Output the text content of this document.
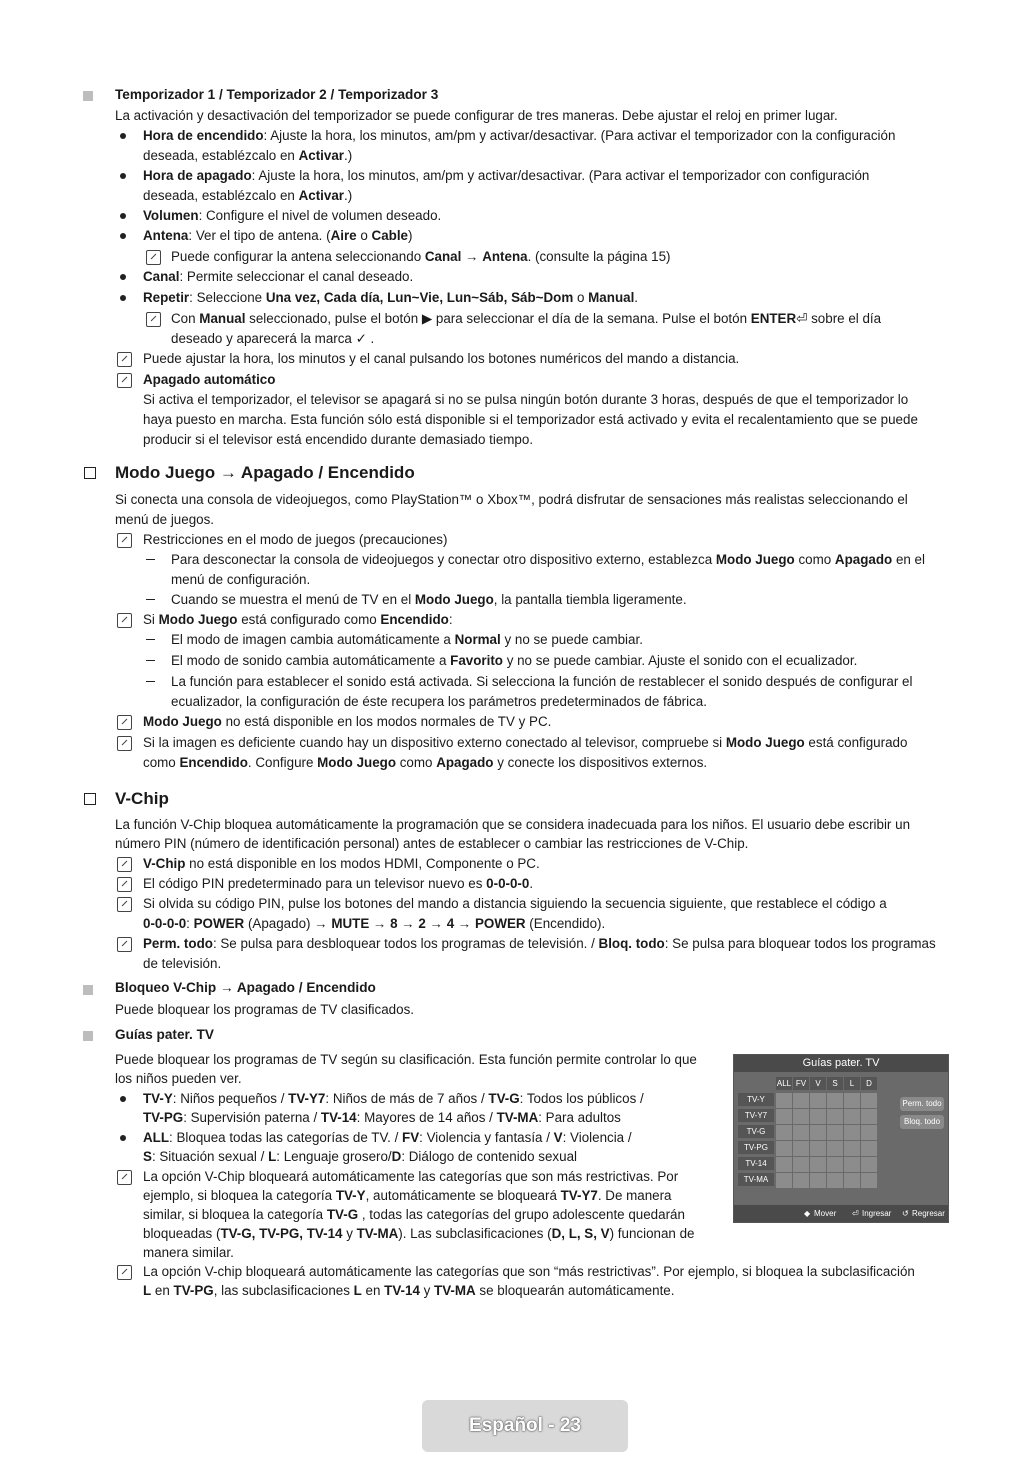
Temporizador 1 / Temporizador 2 / Temporizador 3
La activación y desactivación del temporizador se puede configurar de tres maneras. Debe ajustar el reloj en primer lugar.
Hora de encendido: Ajuste la hora, los minutos, am/pm y activar/desactivar. (Para activar el temporizador con la configuración
deseada, establézcalo en Activar.)
Hora de apagado: Ajuste la hora, los minutos, am/pm y activar/desactivar. (Para activar el temporizador con configuración
deseada, establézcalo en Activar.)
Volumen: Configure el nivel de volumen deseado.
Antena: Ver el tipo de antena. (Aire o Cable)
Puede configurar la antena seleccionando Canal → Antena. (consulte la página 15)
Canal: Permite seleccionar el canal deseado.
Repetir: Seleccione Una vez, Cada día, Lun~Vie, Lun~Sáb, Sáb~Dom o Manual.
Con Manual seleccionado, pulse el botón ▶ para seleccionar el día de la semana. Pulse el botón ENTER⏎ sobre el día
deseado y aparecerá la marca ✓ .
Puede ajustar la hora, los minutos y el canal pulsando los botones numéricos del mando a distancia.
Apagado automático
Si activa el temporizador, el televisor se apagará si no se pulsa ningún botón durante 3 horas, después de que el temporizador lo
haya puesto en marcha. Esta función sólo está disponible si el temporizador está activado y evita el recalentamiento que se puede
producir si el televisor está encendido durante demasiado tiempo.
Modo Juego → Apagado / Encendido
Si conecta una consola de videojuegos, como PlayStation™ o Xbox™, podrá disfrutar de sensaciones más realistas seleccionando el
menú de juegos.
Restricciones en el modo de juegos (precauciones)
Para desconectar la consola de videojuegos y conectar otro dispositivo externo, establezca Modo Juego como Apagado en el
menú de configuración.
Cuando se muestra el menú de TV en el Modo Juego, la pantalla tiembla ligeramente.
Si Modo Juego está configurado como Encendido:
El modo de imagen cambia automáticamente a Normal y no se puede cambiar.
El modo de sonido cambia automáticamente a Favorito y no se puede cambiar. Ajuste el sonido con el ecualizador.
La función para establecer el sonido está activada. Si selecciona la función de restablecer el sonido después de configurar el
ecualizador, la configuración de éste recupera los parámetros predeterminados de fábrica.
Modo Juego no está disponible en los modos normales de TV y PC.
Si la imagen es deficiente cuando hay un dispositivo externo conectado al televisor, compruebe si Modo Juego está configurado
como Encendido. Configure Modo Juego como Apagado y conecte los dispositivos externos.
V-Chip
La función V-Chip bloquea automáticamente la programación que se considera inadecuada para los niños. El usuario debe escribir un
número PIN (número de identificación personal) antes de establecer o cambiar las restricciones de V-Chip.
V-Chip no está disponible en los modos HDMI, Componente o PC.
El código PIN predeterminado para un televisor nuevo es 0-0-0-0.
Si olvida su código PIN, pulse los botones del mando a distancia siguiendo la secuencia siguiente, que restablece el código a
0-0-0-0: POWER (Apagado) → MUTE → 8 → 2 → 4 → POWER (Encendido).
Perm. todo: Se pulsa para desbloquear todos los programas de televisión. / Bloq. todo: Se pulsa para bloquear todos los programas
de televisión.
Bloqueo V-Chip → Apagado / Encendido
Puede bloquear los programas de TV clasificados.
Guías pater. TV
Puede bloquear los programas de TV según su clasificación. Esta función permite controlar lo que
los niños pueden ver.
TV-Y: Niños pequeños / TV-Y7: Niños de más de 7 años / TV-G: Todos los públicos /
TV-PG: Supervisión paterna / TV-14: Mayores de 14 años / TV-MA: Para adultos
ALL: Bloquea todas las categorías de TV. / FV: Violencia y fantasía / V: Violencia /
S: Situación sexual / L: Lenguaje grosero/D: Diálogo de contenido sexual
La opción V-Chip bloqueará automáticamente las categorías que son más restrictivas. Por
ejemplo, si bloquea la categoría TV-Y, automáticamente se bloqueará TV-Y7. De manera
similar, si bloquea la categoría TV-G , todas las categorías del grupo adolescente quedarán
bloqueadas (TV-G, TV-PG, TV-14 y TV-MA). Las subclasificaciones (D, L, S, V) funcionan de
manera similar.
La opción V-chip bloqueará automáticamente las categorías que son “más restrictivas”. Por ejemplo, si bloquea la subclasificación
L en TV-PG, las subclasificaciones L en TV-14 y TV-MA se bloquearán automáticamente.
Guías pater. TV
ALL FV	V	S	L	D
TV-Y
TV-Y7
TV-G
TV-PG
TV-14
TV-MA
Perm. todo
Bloq. todo
◆ Mover ⏎ Ingresar ↺ Regresar
Español - 23
